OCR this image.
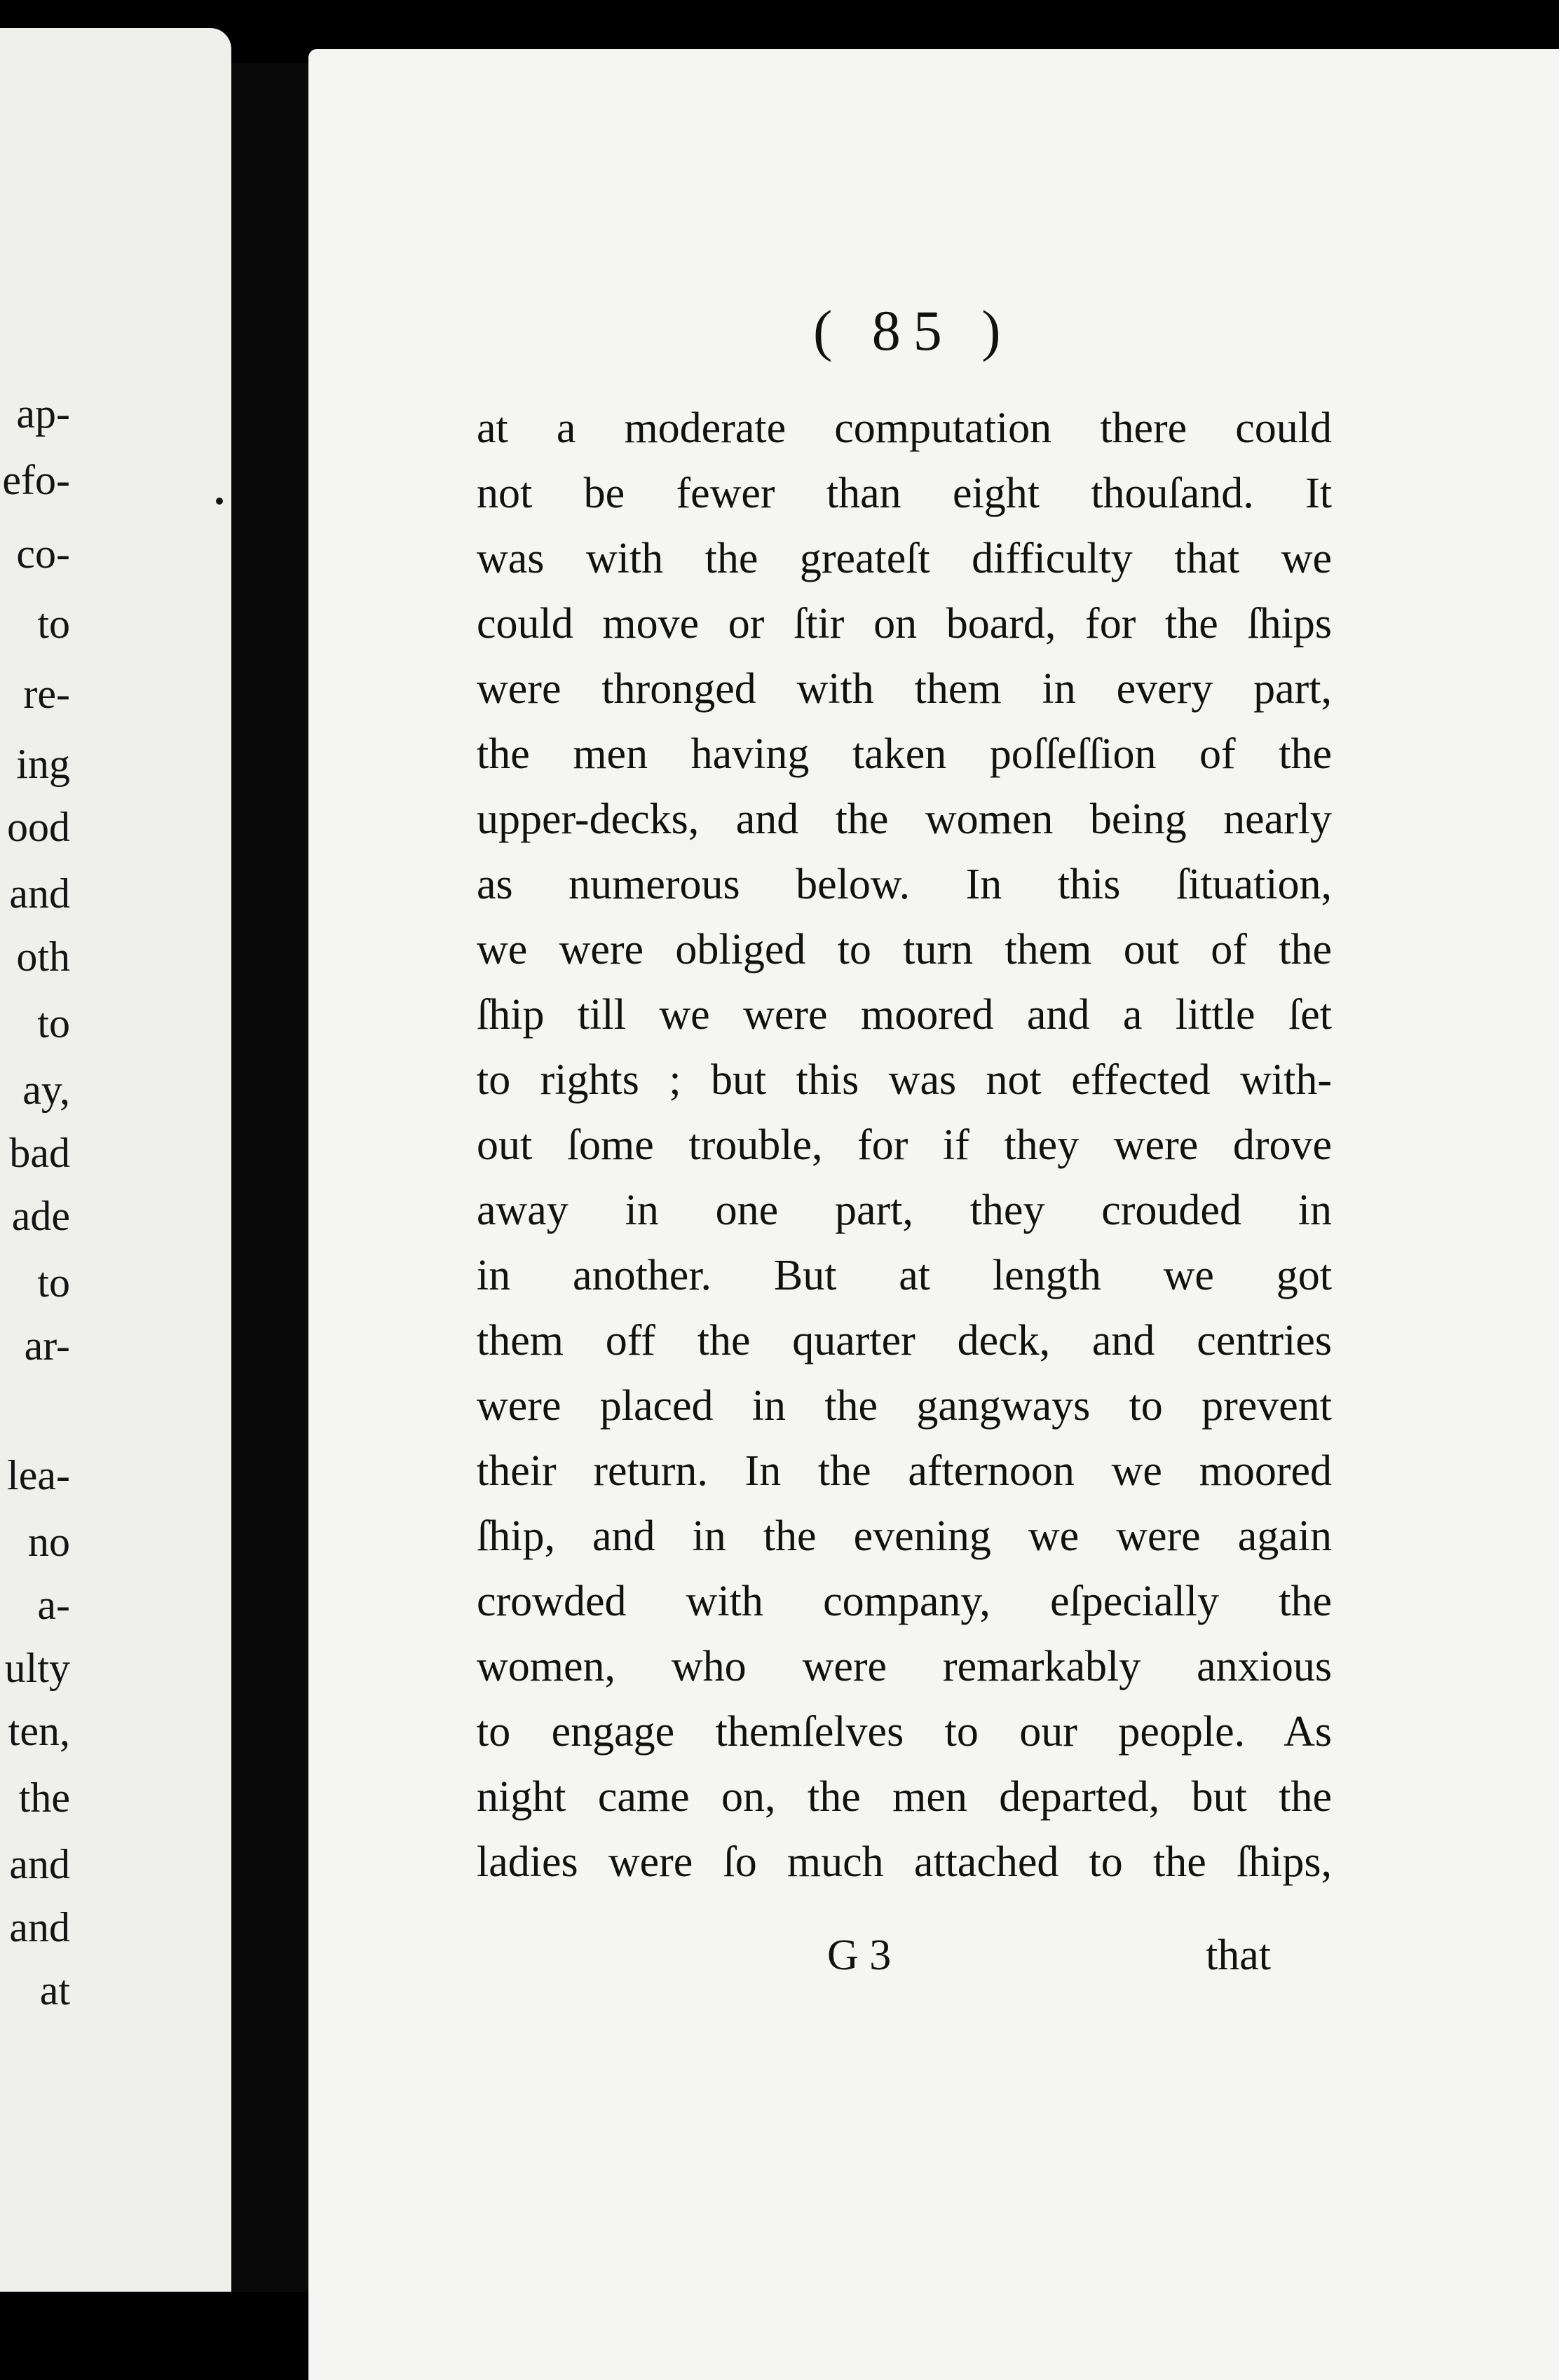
ap-
efo-
co-
to
re-
ing
ood
and
oth
to
ay,
bad
ade
to
ar-
lea-
no
a-
ulty
ten,
the
and
and
at
( 85 )
at a moderate computation there could
not be fewer than eight thouſand. It
was with the greateſt difficulty that we
could move or ſtir on board, for the ſhips
were thronged with them in every part,
the men having taken poſſeſſion of the
upper-decks, and the women being nearly
as numerous below. In this ſituation,
we were obliged to turn them out of the
ſhip till we were moored and a little ſet
to rights ; but this was not effected with-
out ſome trouble, for if they were drove
away in one part, they crouded in
in another. But at length we got
them off the quarter deck, and centries
were placed in the gangways to prevent
their return. In the afternoon we moored
ſhip, and in the evening we were again
crowded with company, eſpecially the
women, who were remarkably anxious
to engage themſelves to our people. As
night came on, the men departed, but the
ladies were ſo much attached to the ſhips,
G 3	that
